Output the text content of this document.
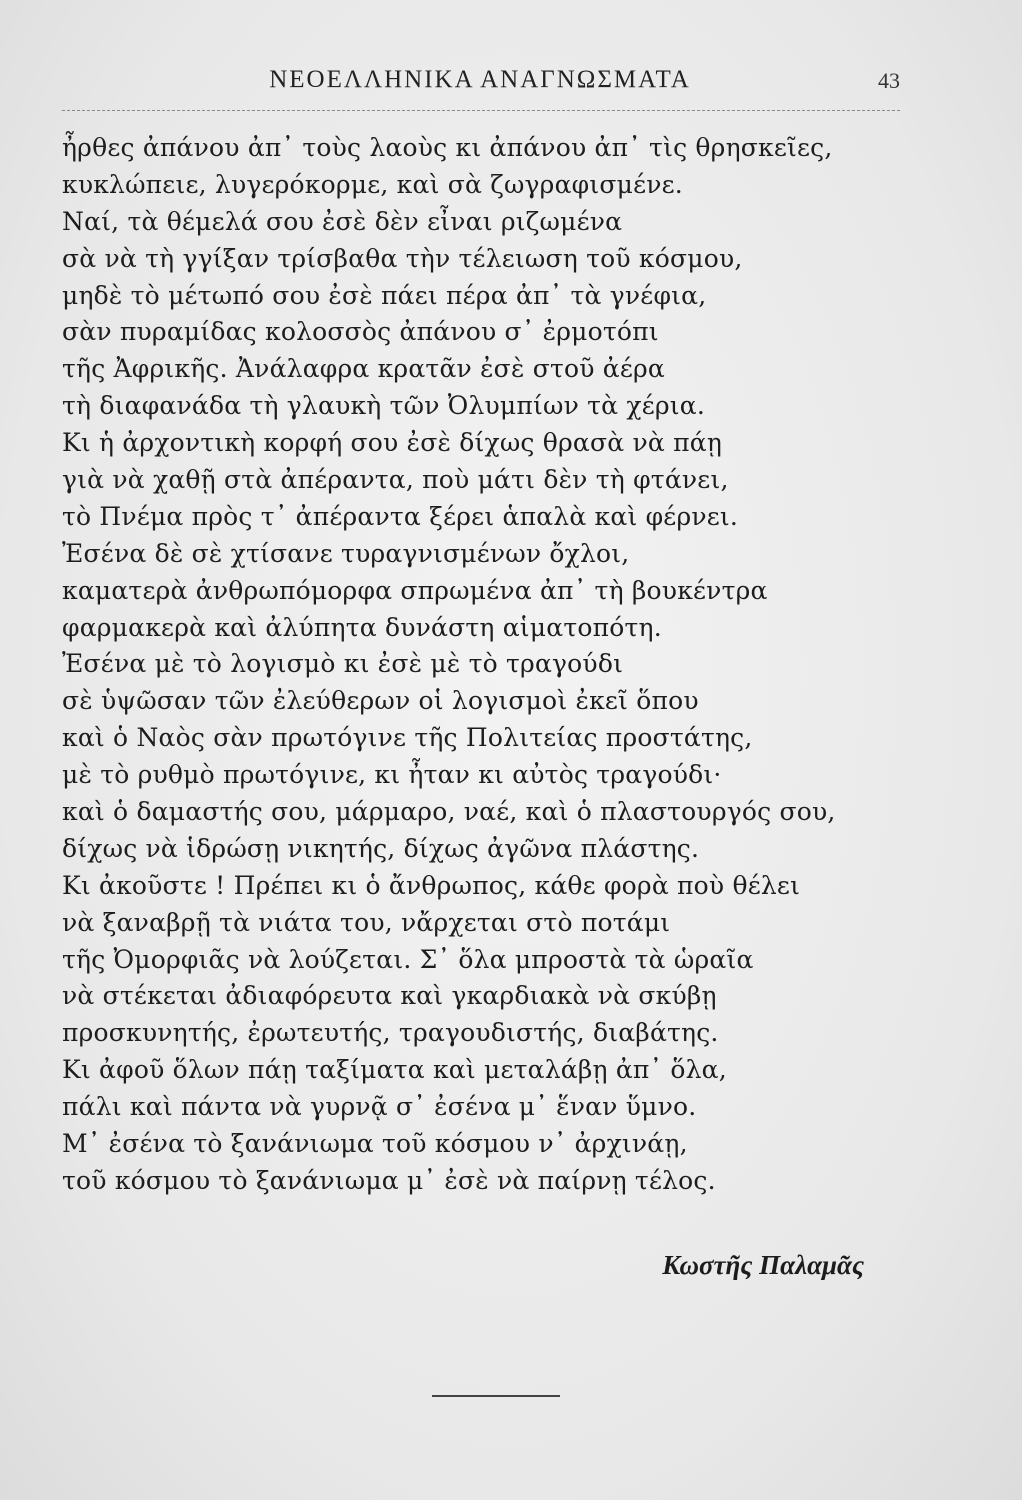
ΝΕΟΕΛΛΗΝΙΚΑ ΑΝΑΓΝΩΣΜΑΤΑ	43
ἦρθες ἀπάνου ἀπ᾽ τοὺς λαοὺς κι ἀπάνου ἀπ᾽ τὶς θρησκεῖες,
κυκλώπειε, λυγερόκορμε, καὶ σὰ ζωγραφισμένε.
Ναί, τὰ θέμελά σου ἐσὲ δὲν εἶναι ριζωμένα
σὰ νὰ τὴ γγίξαν τρίσβαθα τὴν τέλειωση τοῦ κόσμου,
μηδὲ τὸ μέτωπό σου ἐσὲ πάει πέρα ἀπ᾽ τὰ γνέφια,
σὰν πυραμίδας κολοσσὸς ἀπάνου σ᾽ ἐρμοτόπι
τῆς Ἀφρικῆς. Ἀνάλαφρα κρατᾶν ἐσὲ στοῦ ἀέρα
τὴ διαφανάδα τὴ γλαυκὴ τῶν Ὀλυμπίων τὰ χέρια.
Κι ἡ ἀρχοντικὴ κορφή σου ἐσὲ δίχως θρασὰ νὰ πάῃ
γιὰ νὰ χαθῇ στὰ ἀπέραντα, ποὺ μάτι δὲν τὴ φτάνει,
τὸ Πνέμα πρὸς τ᾽ ἀπέραντα ξέρει ἁπαλὰ καὶ φέρνει.
Ἐσένα δὲ σὲ χτίσανε τυραγνισμένων ὄχλοι,
καματερὰ ἀνθρωπόμορφα σπρωμένα ἀπ᾽ τὴ βουκέντρα
φαρμακερὰ καὶ ἀλύπητα δυνάστη αἱματοπότη.
Ἐσένα μὲ τὸ λογισμὸ κι ἐσὲ μὲ τὸ τραγούδι
σὲ ὑψῶσαν τῶν ἐλεύθερων οἱ λογισμοὶ ἐκεῖ ὅπου
καὶ ὁ Ναὸς σὰν πρωτόγινε τῆς Πολιτείας προστάτης,
μὲ τὸ ρυθμὸ πρωτόγινε, κι ἦταν κι αὐτὸς τραγούδι·
καὶ ὁ δαμαστής σου, μάρμαρο, ναέ, καὶ ὁ πλαστουργός σου,
δίχως νὰ ἱδρώσῃ νικητής, δίχως ἀγῶνα πλάστης.
Κι ἀκοῦστε ! Πρέπει κι ὁ ἄνθρωπος, κάθε φορὰ ποὺ θέλει
νὰ ξαναβρῇ τὰ νιάτα του, νἄρχεται στὸ ποτάμι
τῆς Ὀμορφιᾶς νὰ λούζεται. Σ᾽ ὅλα μπροστὰ τὰ ὡραῖα
νὰ στέκεται ἀδιαφόρευτα καὶ γκαρδιακὰ νὰ σκύβῃ
προσκυνητής, ἐρωτευτής, τραγουδιστής, διαβάτης.
Κι ἀφοῦ ὅλων πάῃ ταξίματα καὶ μεταλάβῃ ἀπ᾽ ὅλα,
πάλι καὶ πάντα νὰ γυρνᾷ σ᾽ ἐσένα μ᾽ ἕναν ὕμνο.
Μ᾽ ἐσένα τὸ ξανάνιωμα τοῦ κόσμου ν᾽ ἀρχινάῃ,
τοῦ κόσμου τὸ ξανάνιωμα μ᾽ ἐσὲ νὰ παίρνῃ τέλος.
Κωστῆς Παλαμᾶς
